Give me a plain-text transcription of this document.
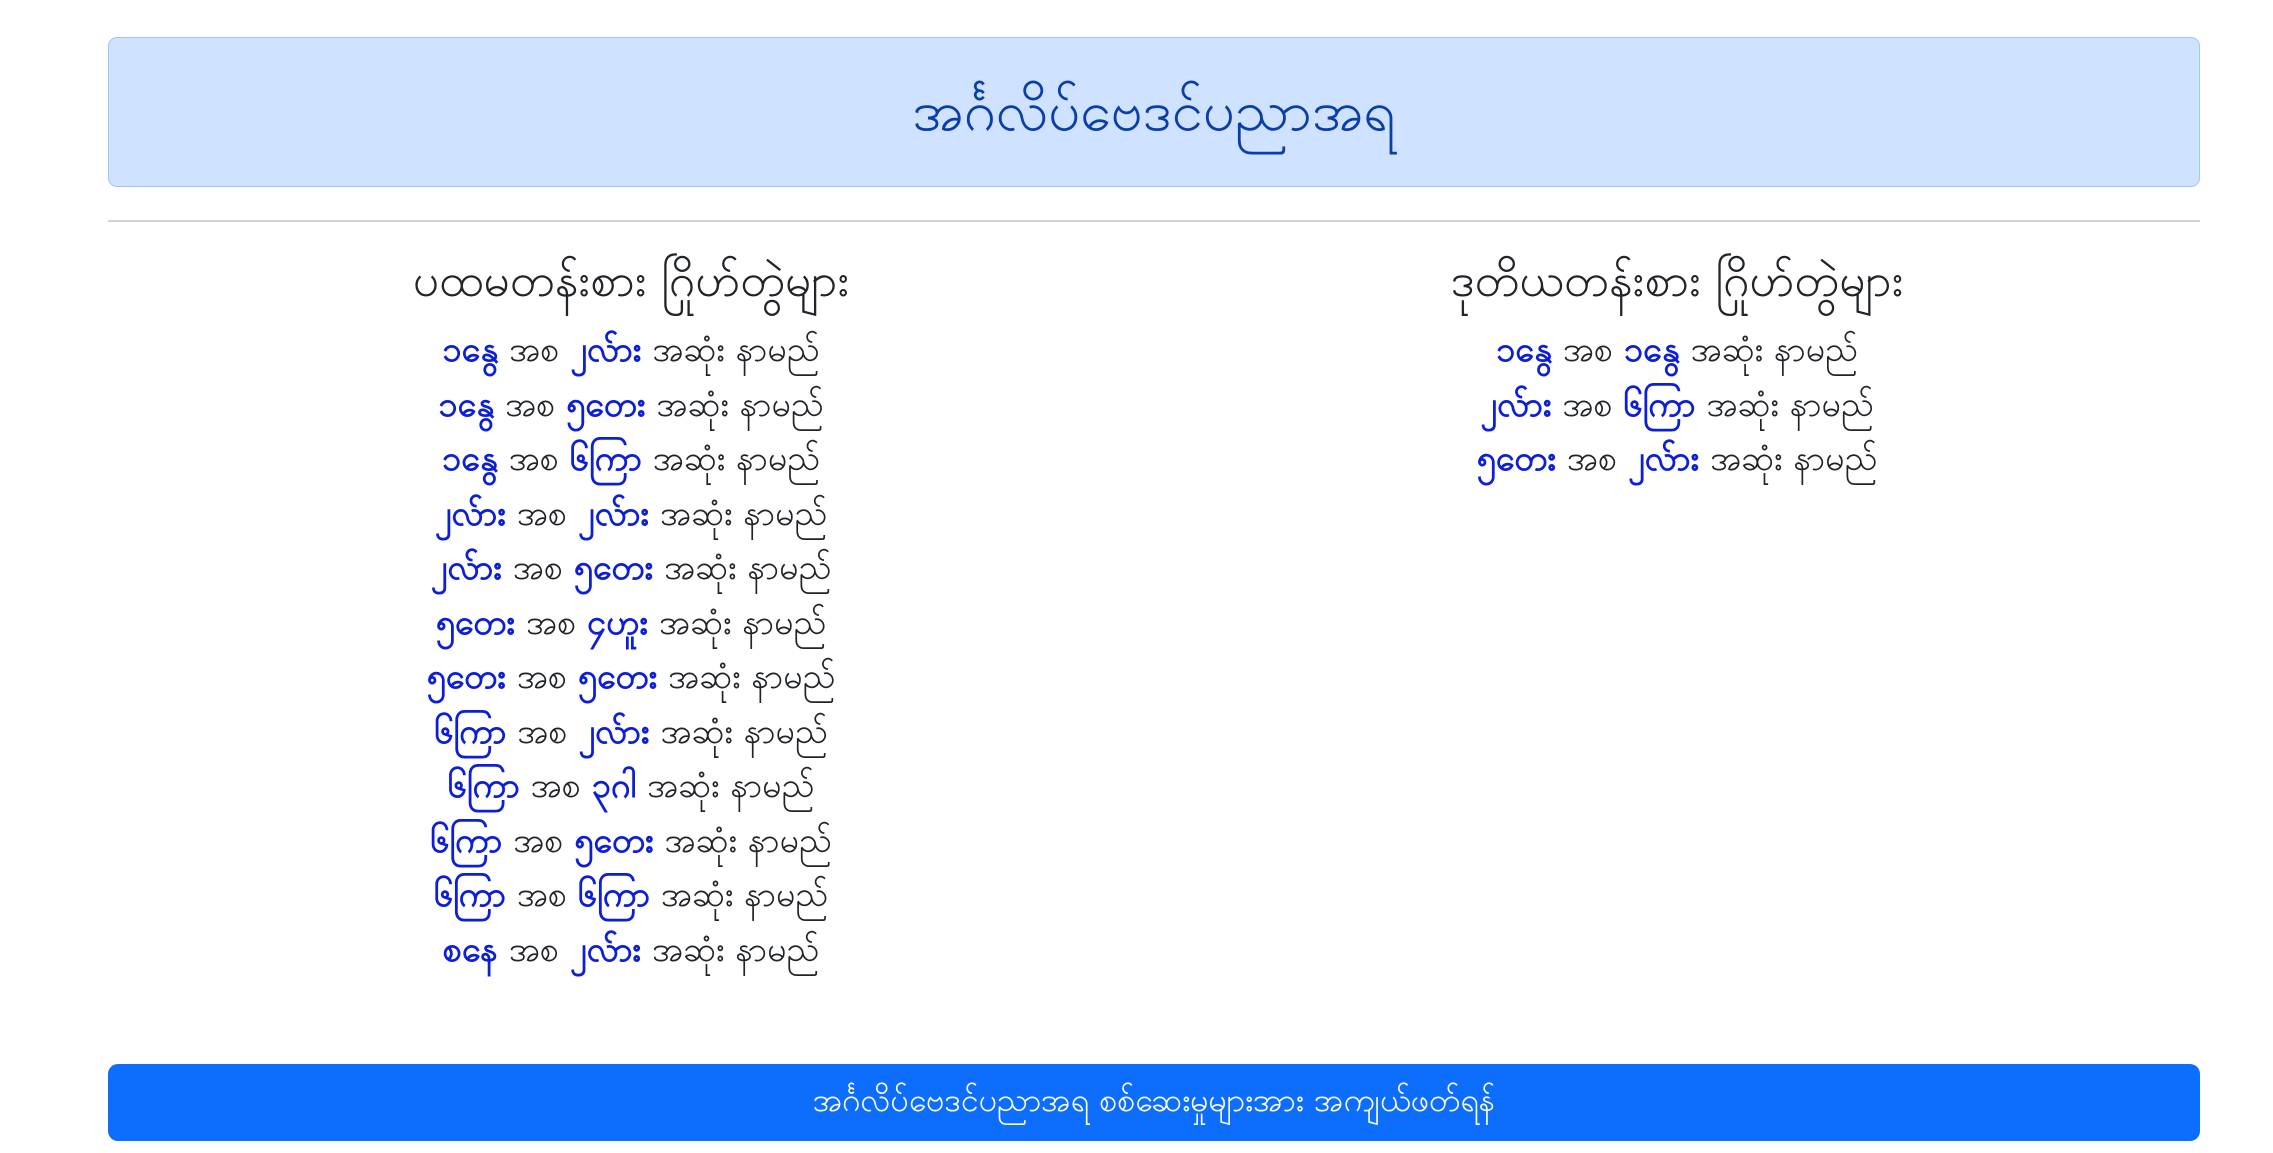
အင်္ဂလိပ်ဗေဒင်ပညာအရ
ပထမတန်းစား ဂြိုဟ်တွဲများ
၁နွေ အစ ၂လ်ား အဆုံး နာမည်
၁နွေ အစ ၅တေး အဆုံး နာမည်
၁နွေ အစ ၆ကြာ အဆုံး နာမည်
၂လ်ား အစ ၂လ်ား အဆုံး နာမည်
၂လ်ား အစ ၅တေး အဆုံး နာမည်
၅တေး အစ ၄ဟူး အဆုံး နာမည်
၅တေး အစ ၅တေး အဆုံး နာမည်
၆ကြာ အစ ၂လ်ား အဆုံး နာမည်
၆ကြာ အစ ၃ဂါ အဆုံး နာမည်
၆ကြာ အစ ၅တေး အဆုံး နာမည်
၆ကြာ အစ ၆ကြာ အဆုံး နာမည်
စနေ အစ ၂လ်ား အဆုံး နာမည်
ဒုတိယတန်းစား ဂြိုဟ်တွဲများ
၁နွေ အစ ၁နွေ အဆုံး နာမည်
၂လ်ား အစ ၆ကြာ အဆုံး နာမည်
၅တေး အစ ၂လ်ား အဆုံး နာမည်
အင်္ဂလိပ်ဗေဒင်ပညာအရ စစ်ဆေးမှုများအား အကျယ်ဖတ်ရန်
